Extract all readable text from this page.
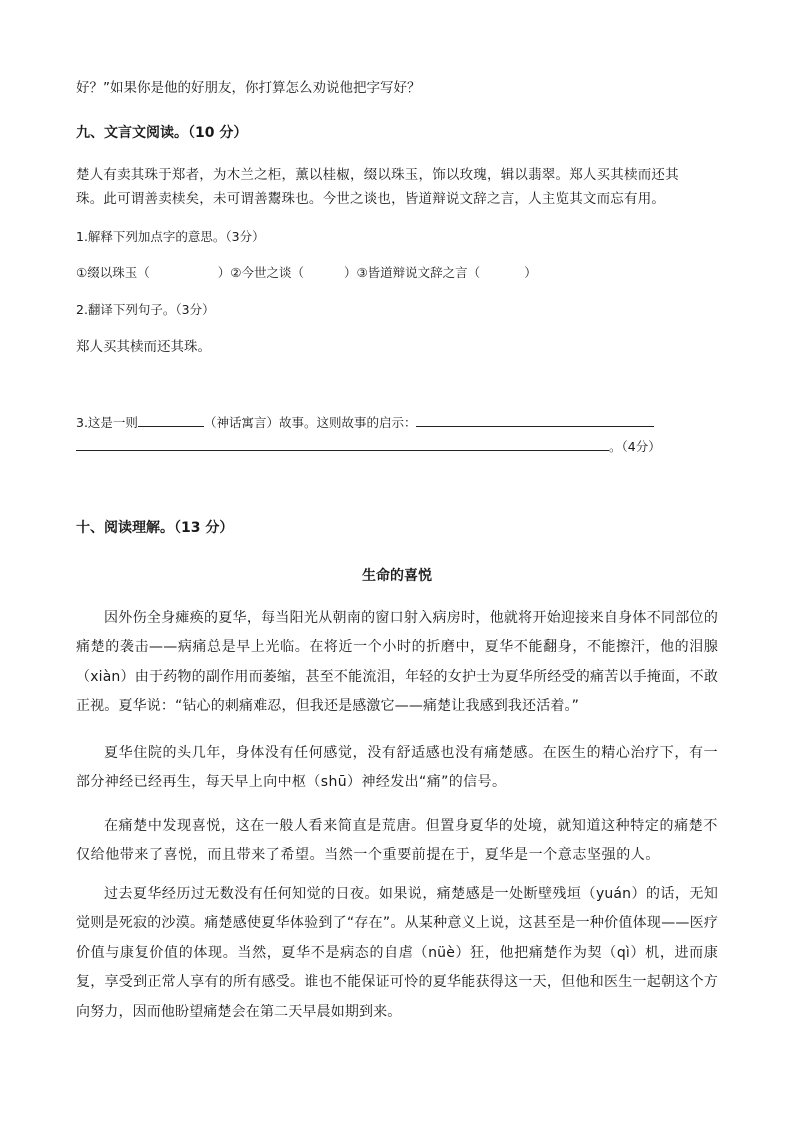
好？”如果你是他的好朋友，你打算怎么劝说他把字写好？
九、文言文阅读。（10 分）
楚人有卖其珠于郑者，为木兰之柜，薰以桂椒，缀以珠玉，饰以玫瑰，辑以翡翠。郑人买其椟而还其
珠。此可谓善卖椟矣，未可谓善鬻珠也。今世之谈也，皆道辩说文辞之言，人主览其文而忘有用。
1.解释下列加点字的意思。（3分）
①缀以珠玉（	）②今世之谈（	）③皆道辩说文辞之言（	）
2.翻译下列句子。（3分）
郑人买其椟而还其珠。
3.这是一则	（神话寓言）故事。这则故事的启示：
。（4分）
十、阅读理解。（13 分）
生命的喜悦
因外伤全身瘫痪的夏华，每当阳光从朝南的窗口射入病房时，他就将开始迎接来自身体不同部位的痛楚的袭击——病痛总是早上光临。在将近一个小时的折磨中，夏华不能翻身，不能擦汗，他的泪腺（xiàn）由于药物的副作用而萎缩，甚至不能流泪，年轻的女护士为夏华所经受的痛苦以手掩面，不敢正视。夏华说：“钻心的刺痛难忍，但我还是感激它——痛楚让我感到我还活着。”
夏华住院的头几年，身体没有任何感觉，没有舒适感也没有痛楚感。在医生的精心治疗下，有一部分神经已经再生，每天早上向中枢（shū）神经发出“痛”的信号。
在痛楚中发现喜悦，这在一般人看来简直是荒唐。但置身夏华的处境，就知道这种特定的痛楚不仅给他带来了喜悦，而且带来了希望。当然一个重要前提在于，夏华是一个意志坚强的人。
过去夏华经历过无数没有任何知觉的日夜。如果说，痛楚感是一处断壁残垣（yuán）的话，无知觉则是死寂的沙漠。痛楚感使夏华体验到了“存在”。从某种意义上说，这甚至是一种价值体现——医疗价值与康复价值的体现。当然，夏华不是病态的自虐（nüè）狂，他把痛楚作为契（qì）机，进而康复，享受到正常人享有的所有感受。谁也不能保证可怜的夏华能获得这一天，但他和医生一起朝这个方向努力，因而他盼望痛楚会在第二天早晨如期到来。
